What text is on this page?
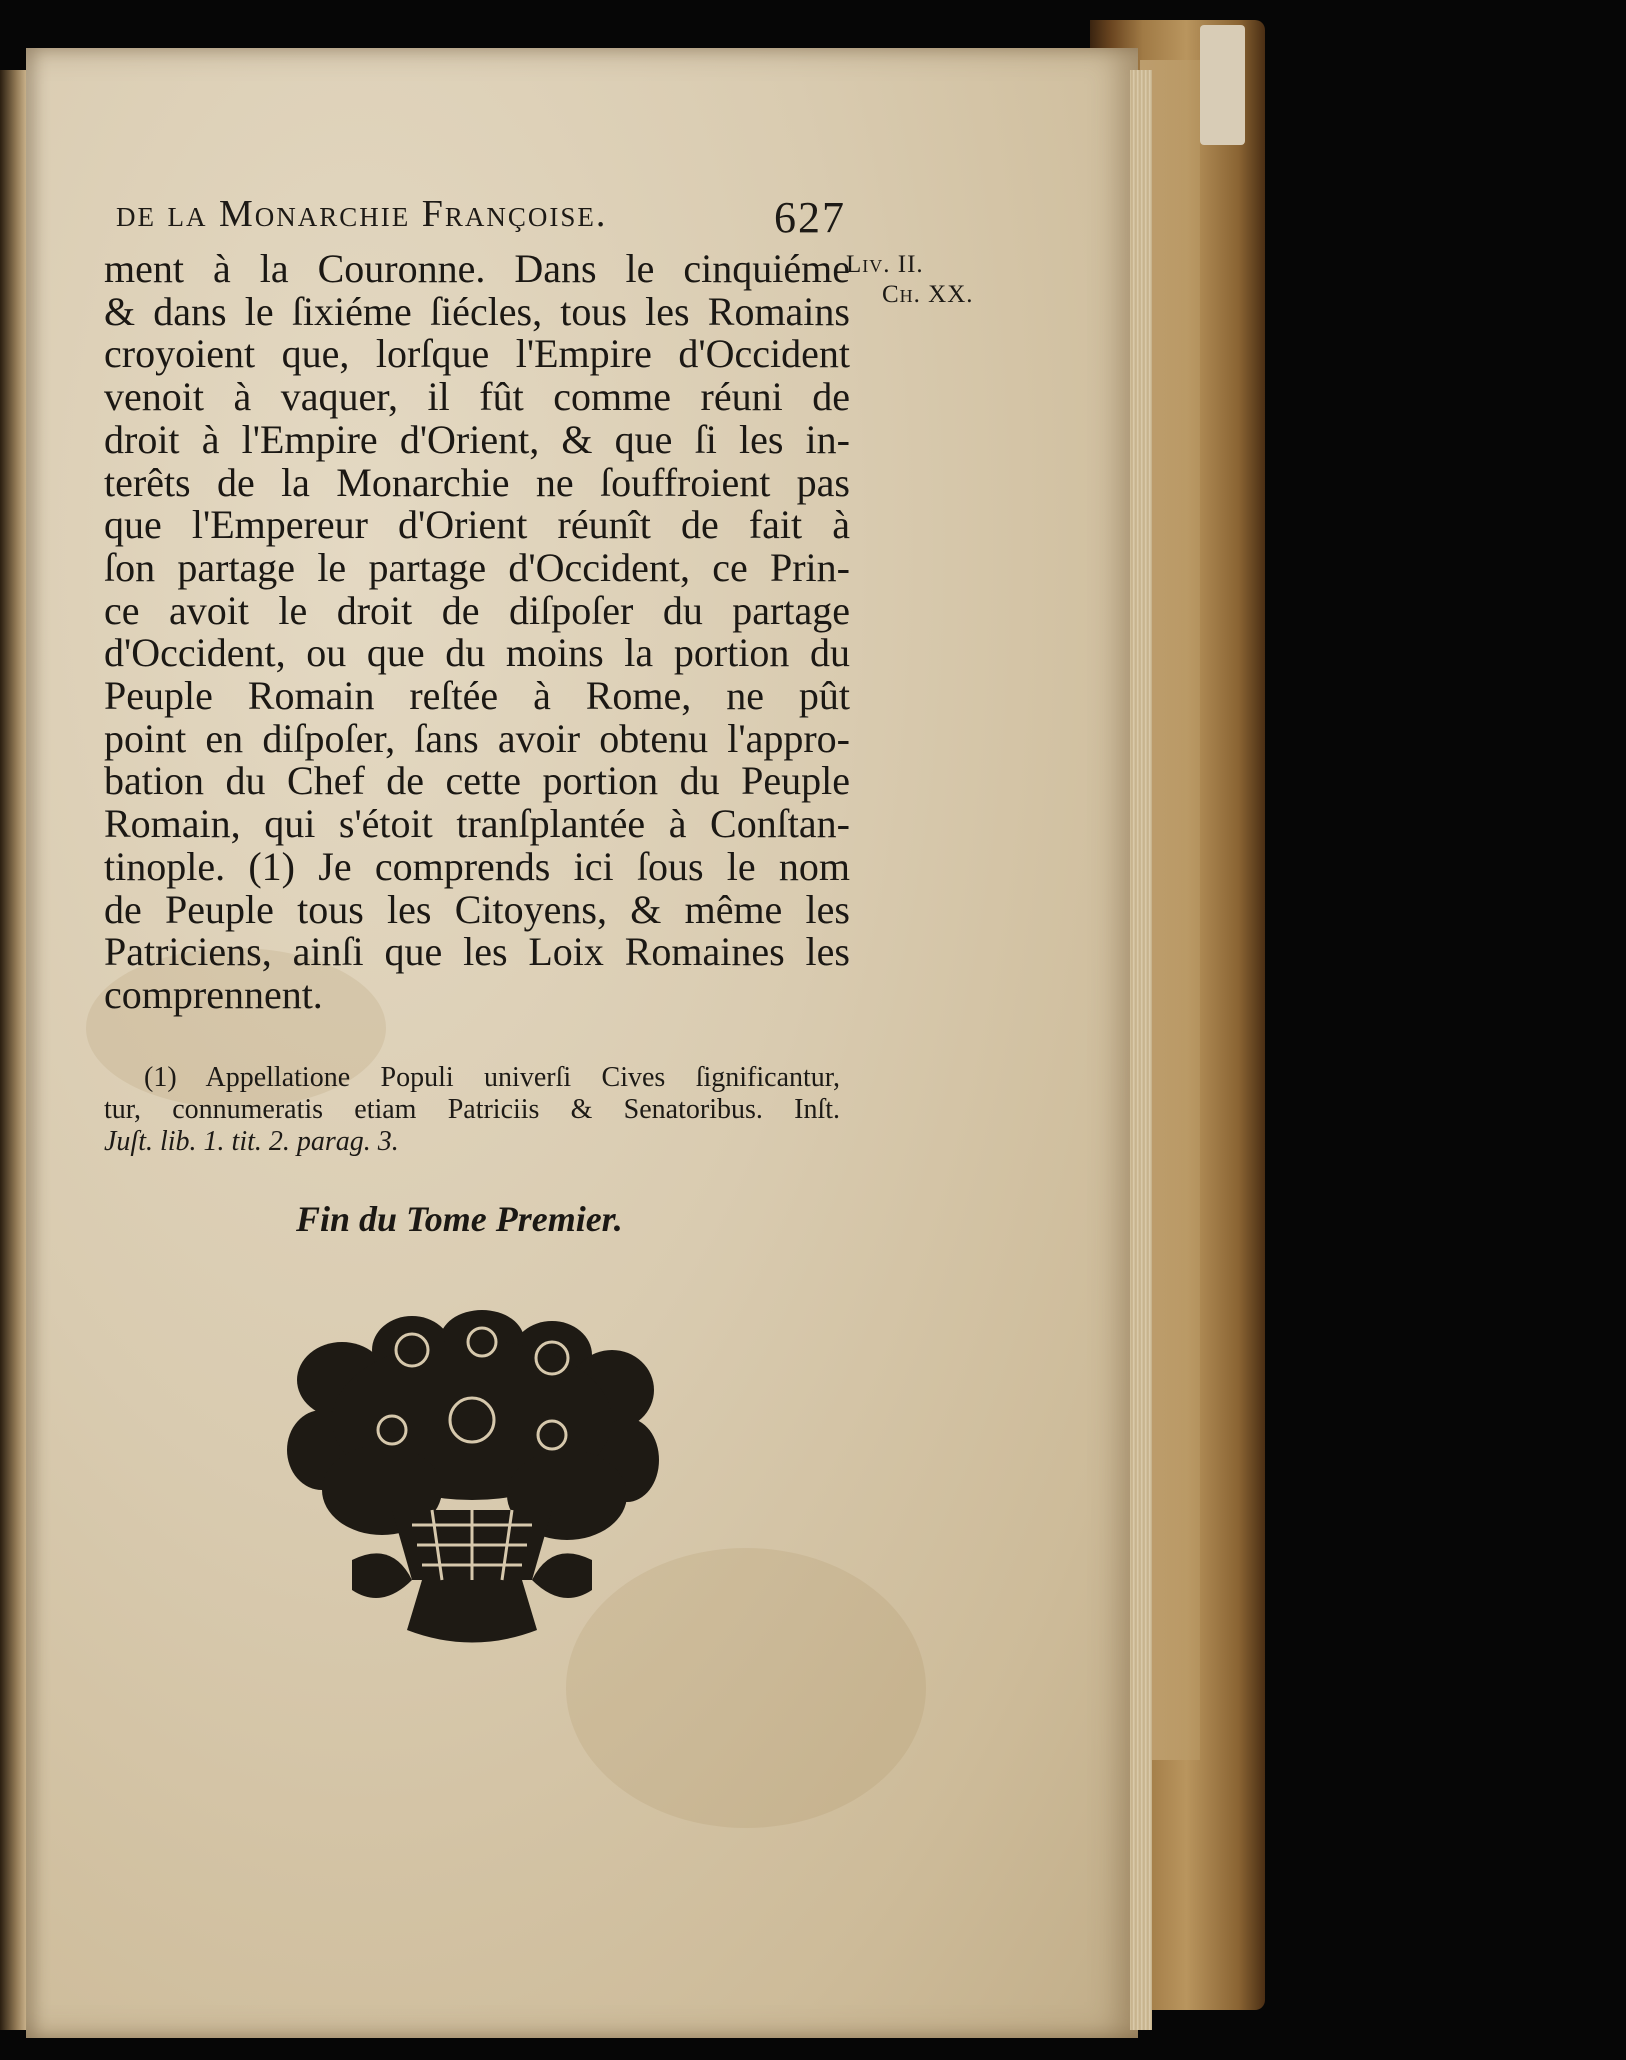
de la Monarchie Françoise.	627
Liv. II.
Ch. XX.
ment à la Couronne. Dans le cinquiéme
& dans le ſixiéme ſiécles, tous les Romains
croyoient que, lorſque l'Empire d'Occident
venoit à vaquer, il fût comme réuni de
droit à l'Empire d'Orient, & que ſi les in-
terêts de la Monarchie ne ſouffroient pas
que l'Empereur d'Orient réunît de fait à
ſon partage le partage d'Occident, ce Prin-
ce avoit le droit de diſpoſer du partage
d'Occident, ou que du moins la portion du
Peuple Romain reſtée à Rome, ne pût
point en diſpoſer, ſans avoir obtenu l'appro-
bation du Chef de cette portion du Peuple
Romain, qui s'étoit tranſplantée à Conſtan-
tinople. (1) Je comprends ici ſous le nom
de Peuple tous les Citoyens, & même les
Patriciens, ainſi que les Loix Romaines les
comprennent.
(1) Appellatione Populi univerſi Cives ſignificantur,
tur, connumeratis etiam Patriciis & Senatoribus. Inſt.
Juſt. lib. 1. tit. 2. parag. 3.
Fin du Tome Premier.
